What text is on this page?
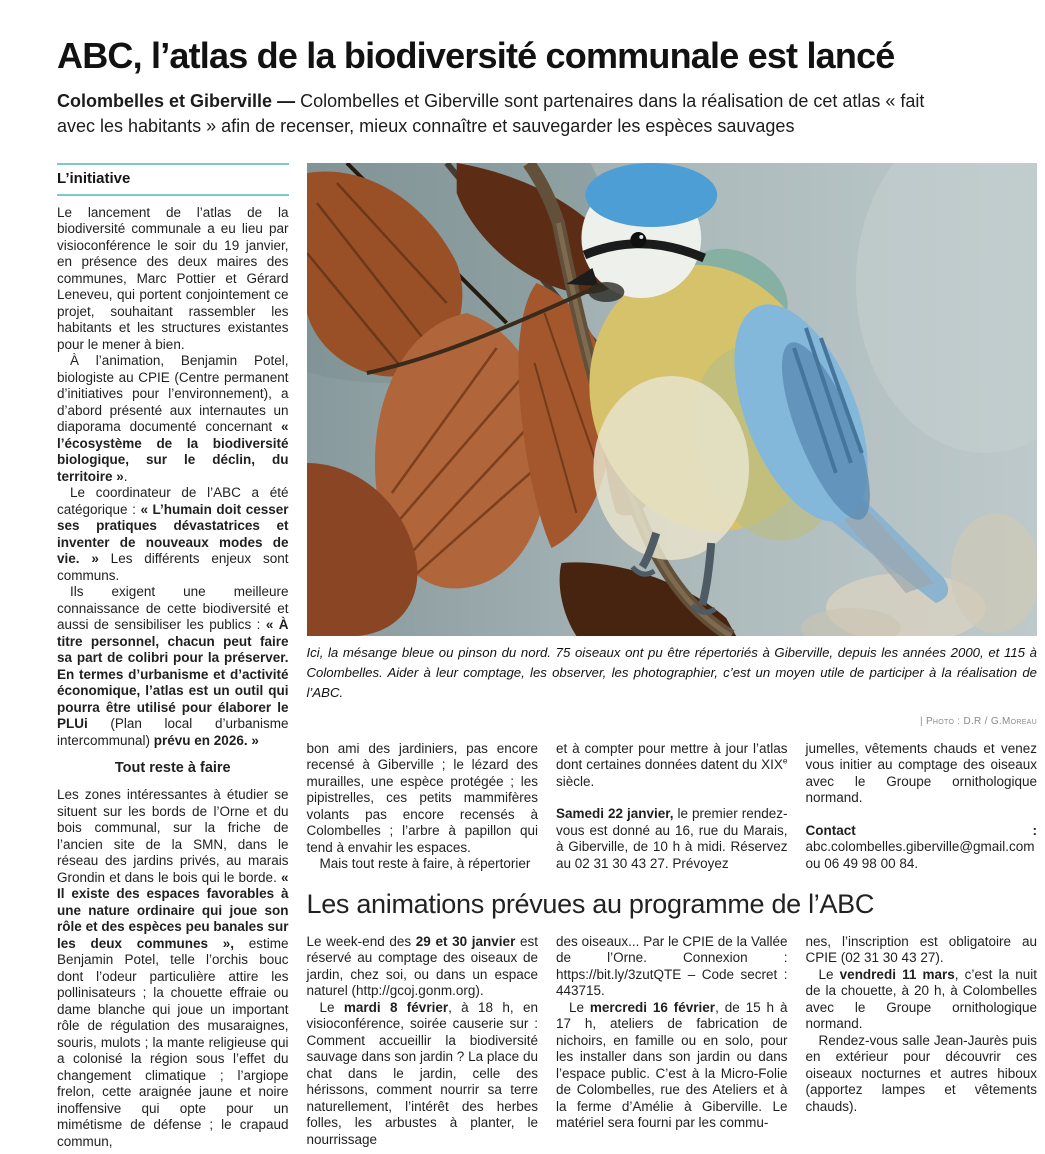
ABC, l’atlas de la biodiversité communale est lancé

Colombelles et Giberville — Colombelles et Giberville sont partenaires dans la réalisation de cet atlas « fait avec les habitants » afin de recenser, mieux connaître et sauvegarder les espèces sauvages

L’initiative

Le lancement de l’atlas de la biodiversité communale a eu lieu par visioconférence le soir du 19 janvier, en présence des deux maires des communes, Marc Pottier et Gérard Leneveu, qui portent conjointement ce projet, souhaitant rassembler les habitants et les structures existantes pour le mener à bien.

À l’animation, Benjamin Potel, biologiste au CPIE (Centre permanent d’initiatives pour l’environnement), a d’abord présenté aux internautes un diaporama documenté concernant « l’écosystème de la biodiversité biologique, sur le déclin, du territoire ».

Le coordinateur de l’ABC a été catégorique : « L’humain doit cesser ses pratiques dévastatrices et inventer de nouveaux modes de vie. » Les différents enjeux sont communs.

Ils exigent une meilleure connaissance de cette biodiversité et aussi de sensibiliser les publics : « À titre personnel, chacun peut faire sa part de colibri pour la préserver. En termes d’urbanisme et d’activité économique, l’atlas est un outil qui pourra être utilisé pour élaborer le PLUi (Plan local d’urbanisme intercommunal) prévu en 2026. »

Tout reste à faire

Les zones intéressantes à étudier se situent sur les bords de l’Orne et du bois communal, sur la friche de l’ancien site de la SMN, dans le réseau des jardins privés, au marais Grondin et dans le bois qui le borde. « Il existe des espaces favorables à une nature ordinaire qui joue son rôle et des espèces peu banales sur les deux communes », estime Benjamin Potel, telle l’orchis bouc dont l’odeur particulière attire les pollinisateurs ; la chouette effraie ou dame blanche qui joue un important rôle de régulation des musaraignes, souris, mulots ; la mante religieuse qui a colonisé la région sous l’effet du changement climatique ; l’argiope frelon, cette araignée jaune et noire inoffensive qui opte pour un mimétisme de défense ; le crapaud commun,

Ici, la mésange bleue ou pinson du nord. 75 oiseaux ont pu être répertoriés à Giberville, depuis les années 2000, et 115 à Colombelles. Aider à leur comptage, les observer, les photographier, c’est un moyen utile de participer à la réalisation de l’ABC.

| Photo : D.R / G.Moreau

bon ami des jardiniers, pas encore recensé à Giberville ; le lézard des murailles, une espèce protégée ; les pipistrelles, ces petits mammifères volants pas encore recensés à Colombelles ; l’arbre à papillon qui tend à envahir les espaces.

Mais tout reste à faire, à répertorier

et à compter pour mettre à jour l’atlas dont certaines données datent du XIXe siècle.

Samedi 22 janvier, le premier rendez-vous est donné au 16, rue du Marais, à Giberville, de 10 h à midi. Réservez au 02 31 30 43 27. Prévoyez

jumelles, vêtements chauds et venez vous initier au comptage des oiseaux avec le Groupe ornithologique normand.

Contact : abc.colombelles.giberville@gmail.com ou 06 49 98 00 84.

Les animations prévues au programme de l’ABC

Le week-end des 29 et 30 janvier est réservé au comptage des oiseaux de jardin, chez soi, ou dans un espace naturel (http://gcoj.gonm.org).

Le mardi 8 février, à 18 h, en visioconférence, soirée causerie sur : Comment accueillir la biodiversité sauvage dans son jardin ? La place du chat dans le jardin, celle des hérissons, comment nourrir sa terre naturellement, l’intérêt des herbes folles, les arbustes à planter, le nourrissage

des oiseaux... Par le CPIE de la Vallée de l’Orne. Connexion : https://bit.ly/3zutQTE – Code secret : 443715.

Le mercredi 16 février, de 15 h à 17 h, ateliers de fabrication de nichoirs, en famille ou en solo, pour les installer dans son jardin ou dans l’espace public. C’est à la Micro-Folie de Colombelles, rue des Ateliers et à la ferme d’Amélie à Giberville. Le matériel sera fourni par les commu-

nes, l’inscription est obligatoire au CPIE (02 31 30 43 27).

Le vendredi 11 mars, c’est la nuit de la chouette, à 20 h, à Colombelles avec le Groupe ornithologique normand.

Rendez-vous salle Jean-Jaurès puis en extérieur pour découvrir ces oiseaux nocturnes et autres hiboux (apportez lampes et vêtements chauds).
